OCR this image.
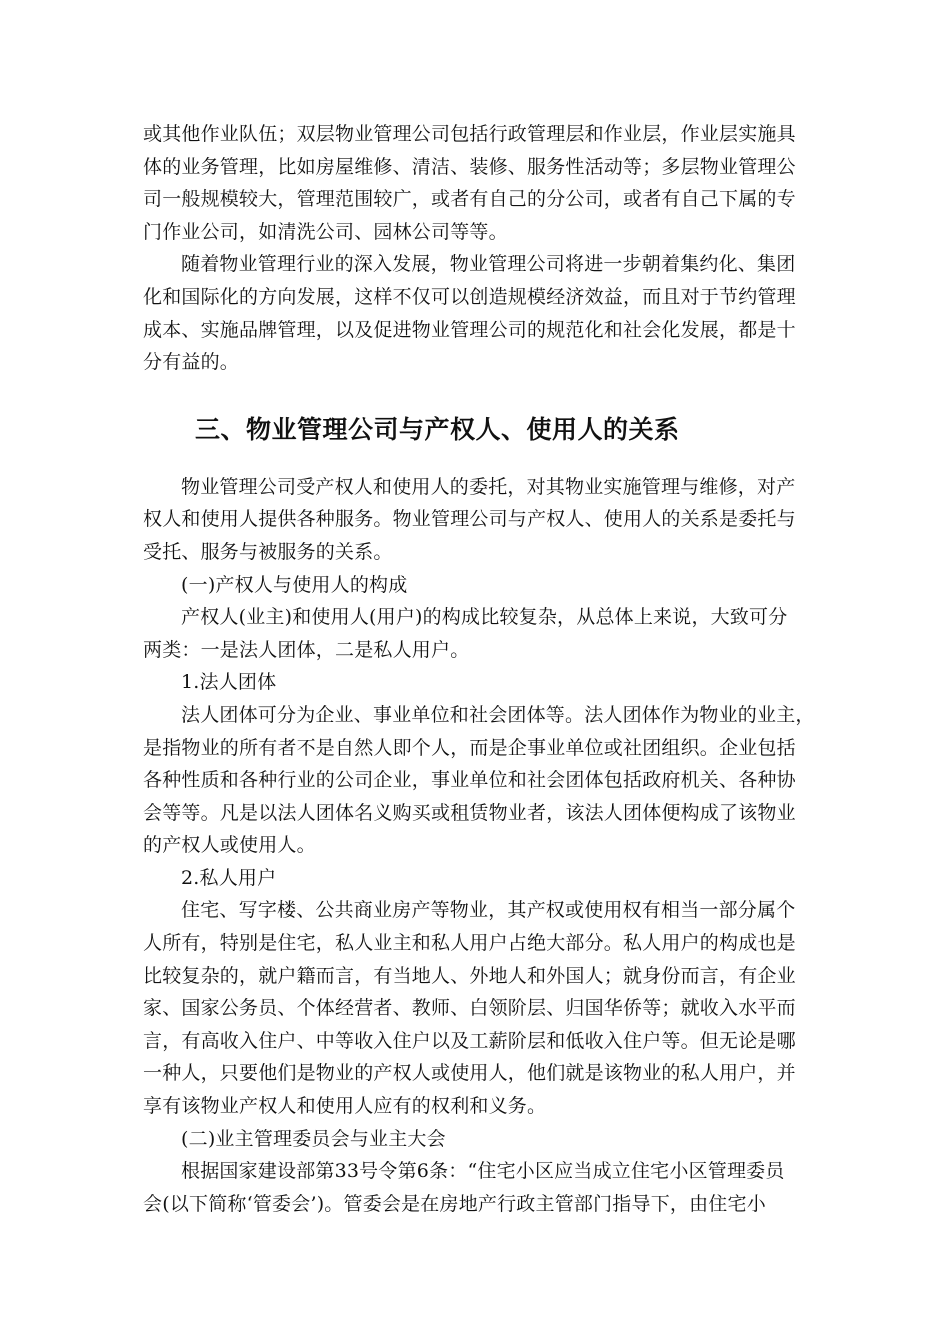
或其他作业队伍；双层物业管理公司包括行政管理层和作业层，作业层实施具
体的业务管理，比如房屋维修、清洁、装修、服务性活动等；多层物业管理公
司一般规模较大，管理范围较广，或者有自己的分公司，或者有自己下属的专
门作业公司，如清洗公司、园林公司等等。
随着物业管理行业的深入发展，物业管理公司将进一步朝着集约化、集团
化和国际化的方向发展，这样不仅可以创造规模经济效益，而且对于节约管理
成本、实施品牌管理，以及促进物业管理公司的规范化和社会化发展，都是十
分有益的。
三、物业管理公司与产权人、使用人的关系
物业管理公司受产权人和使用人的委托，对其物业实施管理与维修，对产
权人和使用人提供各种服务。物业管理公司与产权人、使用人的关系是委托与
受托、服务与被服务的关系。
(一)产权人与使用人的构成
产权人(业主)和使用人(用户)的构成比较复杂，从总体上来说，大致可分
两类：一是法人团体，二是私人用户。
1.法人团体
法人团体可分为企业、事业单位和社会团体等。法人团体作为物业的业主，
是指物业的所有者不是自然人即个人，而是企事业单位或社团组织。企业包括
各种性质和各种行业的公司企业，事业单位和社会团体包括政府机关、各种协
会等等。凡是以法人团体名义购买或租赁物业者，该法人团体便构成了该物业
的产权人或使用人。
2.私人用户
住宅、写字楼、公共商业房产等物业，其产权或使用权有相当一部分属个
人所有，特别是住宅，私人业主和私人用户占绝大部分。私人用户的构成也是
比较复杂的，就户籍而言，有当地人、外地人和外国人；就身份而言，有企业
家、国家公务员、个体经营者、教师、白领阶层、归国华侨等；就收入水平而
言，有高收入住户、中等收入住户以及工薪阶层和低收入住户等。但无论是哪
一种人，只要他们是物业的产权人或使用人，他们就是该物业的私人用户，并
享有该物业产权人和使用人应有的权利和义务。
(二)业主管理委员会与业主大会
根据国家建设部第33号令第6条：“住宅小区应当成立住宅小区管理委员
会(以下简称‘管委会’)。管委会是在房地产行政主管部门指导下，由住宅小
